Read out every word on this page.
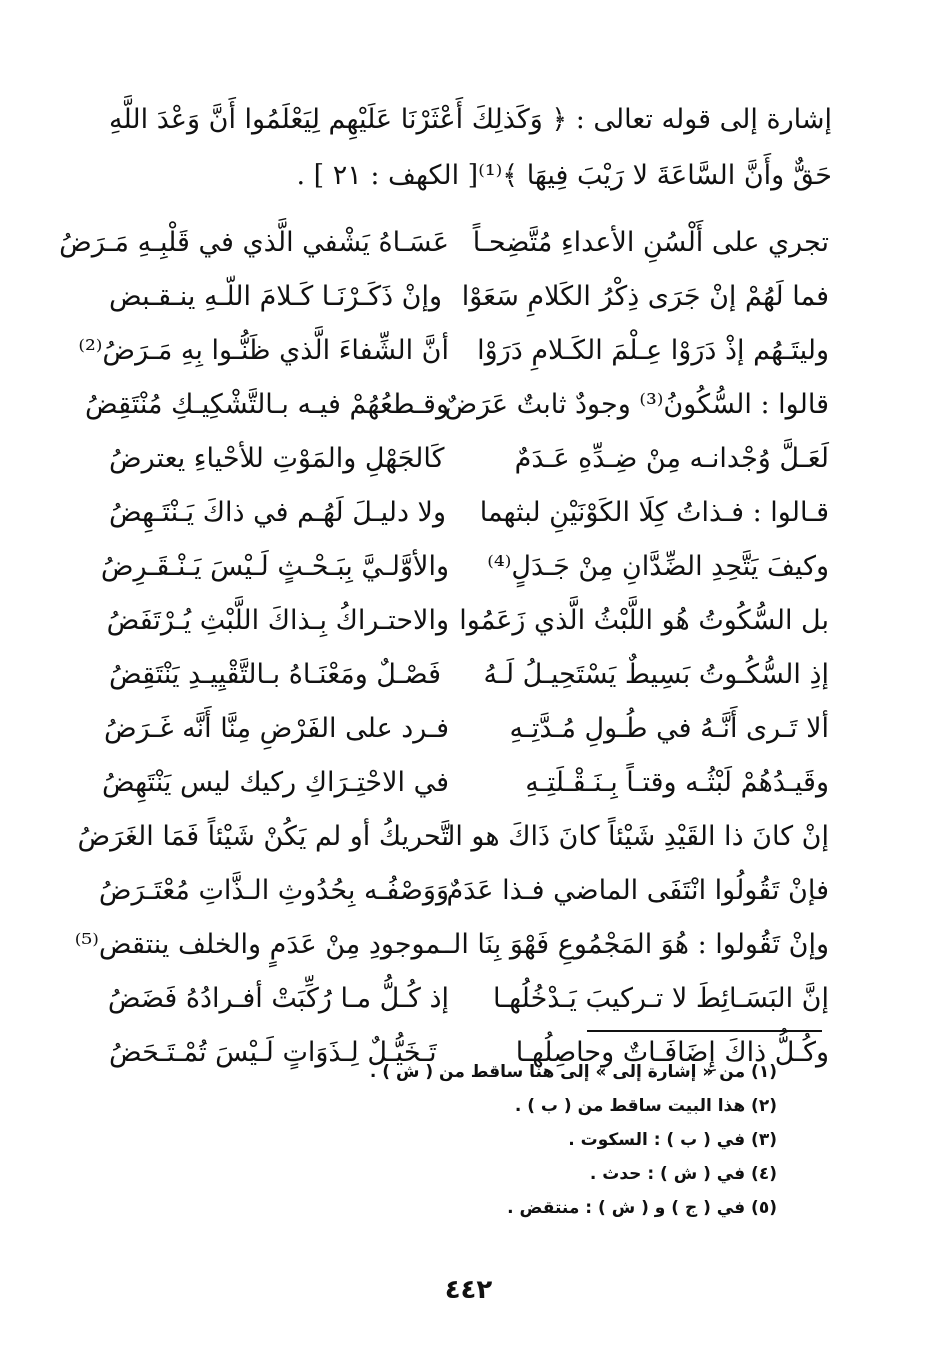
إشارة إلى قوله تعالى : ﴿ وَكَذلِكَ أَعْثَرْنَا عَلَيْهِم لِيَعْلَمُوا أَنَّ وَعْدَ اللَّهِ
حَقٌّ وأَنَّ السَّاعَةَ لا رَيْبَ فِيهَا ﴾⁽¹⁾[ الكهف : ٢١ ] .
تجري على أَلْسُنِ الأعداءِ مُتَّضِحـاً
عَسَـاهُ يَشْفي الَّذي في قَلْبِـهِ مَـرَضُ
فما لَهُمْ إنْ جَرَى ذِكْرُ الكَلامِ سَعَوْا
وإنْ ذَكَـرْنَـا كَـلامَ اللّـهِ ينـقـبض
وليتَـهُم إذْ دَرَوْا عِـلْمَ الكَـلامِ دَرَوْا
أنَّ الشِّفاءَ الَّذي ظَنُّـوا بِهِ مَـرَضُ⁽²⁾
قالوا : السُّكُونُ⁽³⁾ وجودٌ ثابتٌ عَرَضٌ
وقـطعُهُمْ فيـه بـالتَّشْكِيـكِ مُنْتَقِضُ
لَعَـلَّ وُجْدانـه مِنْ ضِـدِّهِ عَـدَمٌ
كَالجَهْلِ والمَوْتِ للأحْياءِ يعترضُ
قـالوا : فـذاتُ كِلَا الكَوْنَيْنِ لبثهما
ولا دليـلَ لَهُـم في ذاكَ يَـنْتَـهِضُ
وكيفَ يَتَّحِدِ الضِّدَّانِ مِنْ جَـدَلٍ⁽⁴⁾
والأوَّلـيَّ بِبَـحْـثٍ لَـيْسَ يَـنْـقَـرِضُ
بل السُّكُوتُ هُو اللَّبْثُ الَّذي زَعَمُوا
والاحتـراكُ بِـذاكَ اللَّبْثِ يُـرْتَفَضُ
إذِ السُّكُـوتُ بَسِيطٌ يَسْتَحِيـلُ لَـهُ
فَصْـلٌ ومَعْنَـاهُ بـالتَّقْيِيـدِ يَنْتَقِضُ
ألا تَـرى أَنَّـهُ في طُـولِ مُـدَّتِـهِ
فـرد على الفَرْضِ مِنَّا أَنَّه غَـرَضُ
وقَيـدُهُمْ لَبْثُـه وقتـاً بِـنَـقْـلَتِـهِ
في الاحْتِـرَاكِ ركيك ليس يَنْتَهِضُ
إنْ كانَ ذا القَيْدِ شَيْئاً كانَ ذَاكَ هو الـ
تَّحريكُ أو لم يَكُنْ شَيْئاً فَمَا الغَرَضُ
فإنْ تَقُولُوا انْتَفَى الماضي فـذا عَدَمٌ
وَوَصْفُـه بِحُدُوثِ الـذَّاتِ مُعْتَـرَضُ
وإنْ تَقُولوا : هُوَ المَجْمُوعِ فَهْوَ بِنَا الـ
ـموجودِ مِنْ عَدَمٍ والخلف ينتقض⁽⁵⁾
إنَّ البَسَـائِطَ لا تـركيبَ يَـدْخُلُهـا
إذ كُـلُّ مـا رُكِّبَتْ أفـرادُهُ فَضَضُ
وكُـلُّ ذاكَ إِضَافَـاتٌ وحاصِلُهـا
تَـخَيُّـلٌ لِـذَوَاتٍ لَـيْسَ تُمْـتَـحَضُ
(١) من « إشارة إلى » إلى هنا ساقط من ( ش ) .
(٢) هذا البيت ساقط من ( ب ) .
(٣) في ( ب ) : السكوت .
(٤) في ( ش ) : حدث .
(٥) في ( ج ) و ( ش ) : منتقض .
٤٤٢
